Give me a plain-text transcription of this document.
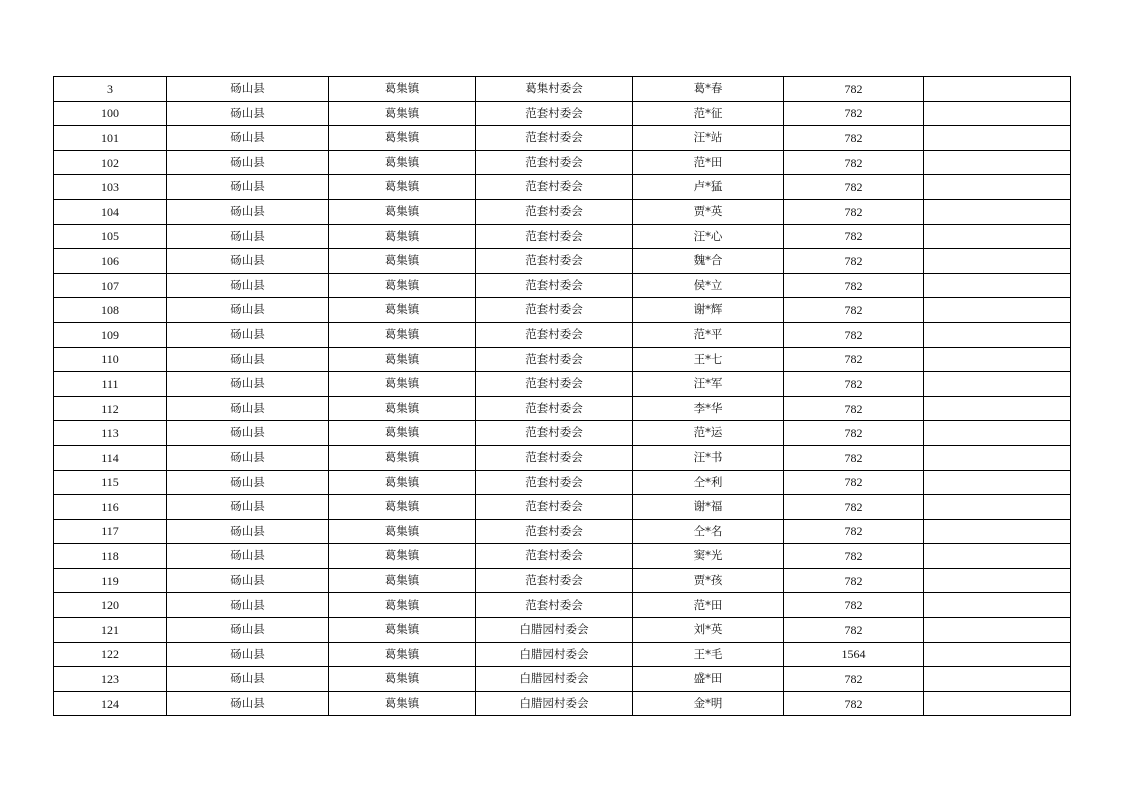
3	砀山县	葛集镇	葛集村委会	葛*春	782	
100	砀山县	葛集镇	范套村委会	范*征	782	
101	砀山县	葛集镇	范套村委会	汪*站	782	
102	砀山县	葛集镇	范套村委会	范*田	782	
103	砀山县	葛集镇	范套村委会	卢*猛	782	
104	砀山县	葛集镇	范套村委会	贾*英	782	
105	砀山县	葛集镇	范套村委会	汪*心	782	
106	砀山县	葛集镇	范套村委会	魏*合	782	
107	砀山县	葛集镇	范套村委会	侯*立	782	
108	砀山县	葛集镇	范套村委会	谢*辉	782	
109	砀山县	葛集镇	范套村委会	范*平	782	
110	砀山县	葛集镇	范套村委会	王*七	782	
111	砀山县	葛集镇	范套村委会	汪*军	782	
112	砀山县	葛集镇	范套村委会	李*华	782	
113	砀山县	葛集镇	范套村委会	范*运	782	
114	砀山县	葛集镇	范套村委会	汪*书	782	
115	砀山县	葛集镇	范套村委会	仝*利	782	
116	砀山县	葛集镇	范套村委会	谢*福	782	
117	砀山县	葛集镇	范套村委会	仝*名	782	
118	砀山县	葛集镇	范套村委会	窦*光	782	
119	砀山县	葛集镇	范套村委会	贾*孩	782	
120	砀山县	葛集镇	范套村委会	范*田	782	
121	砀山县	葛集镇	白腊园村委会	刘*英	782	
122	砀山县	葛集镇	白腊园村委会	王*毛	1564	
123	砀山县	葛集镇	白腊园村委会	盛*田	782	
124	砀山县	葛集镇	白腊园村委会	金*明	782	
